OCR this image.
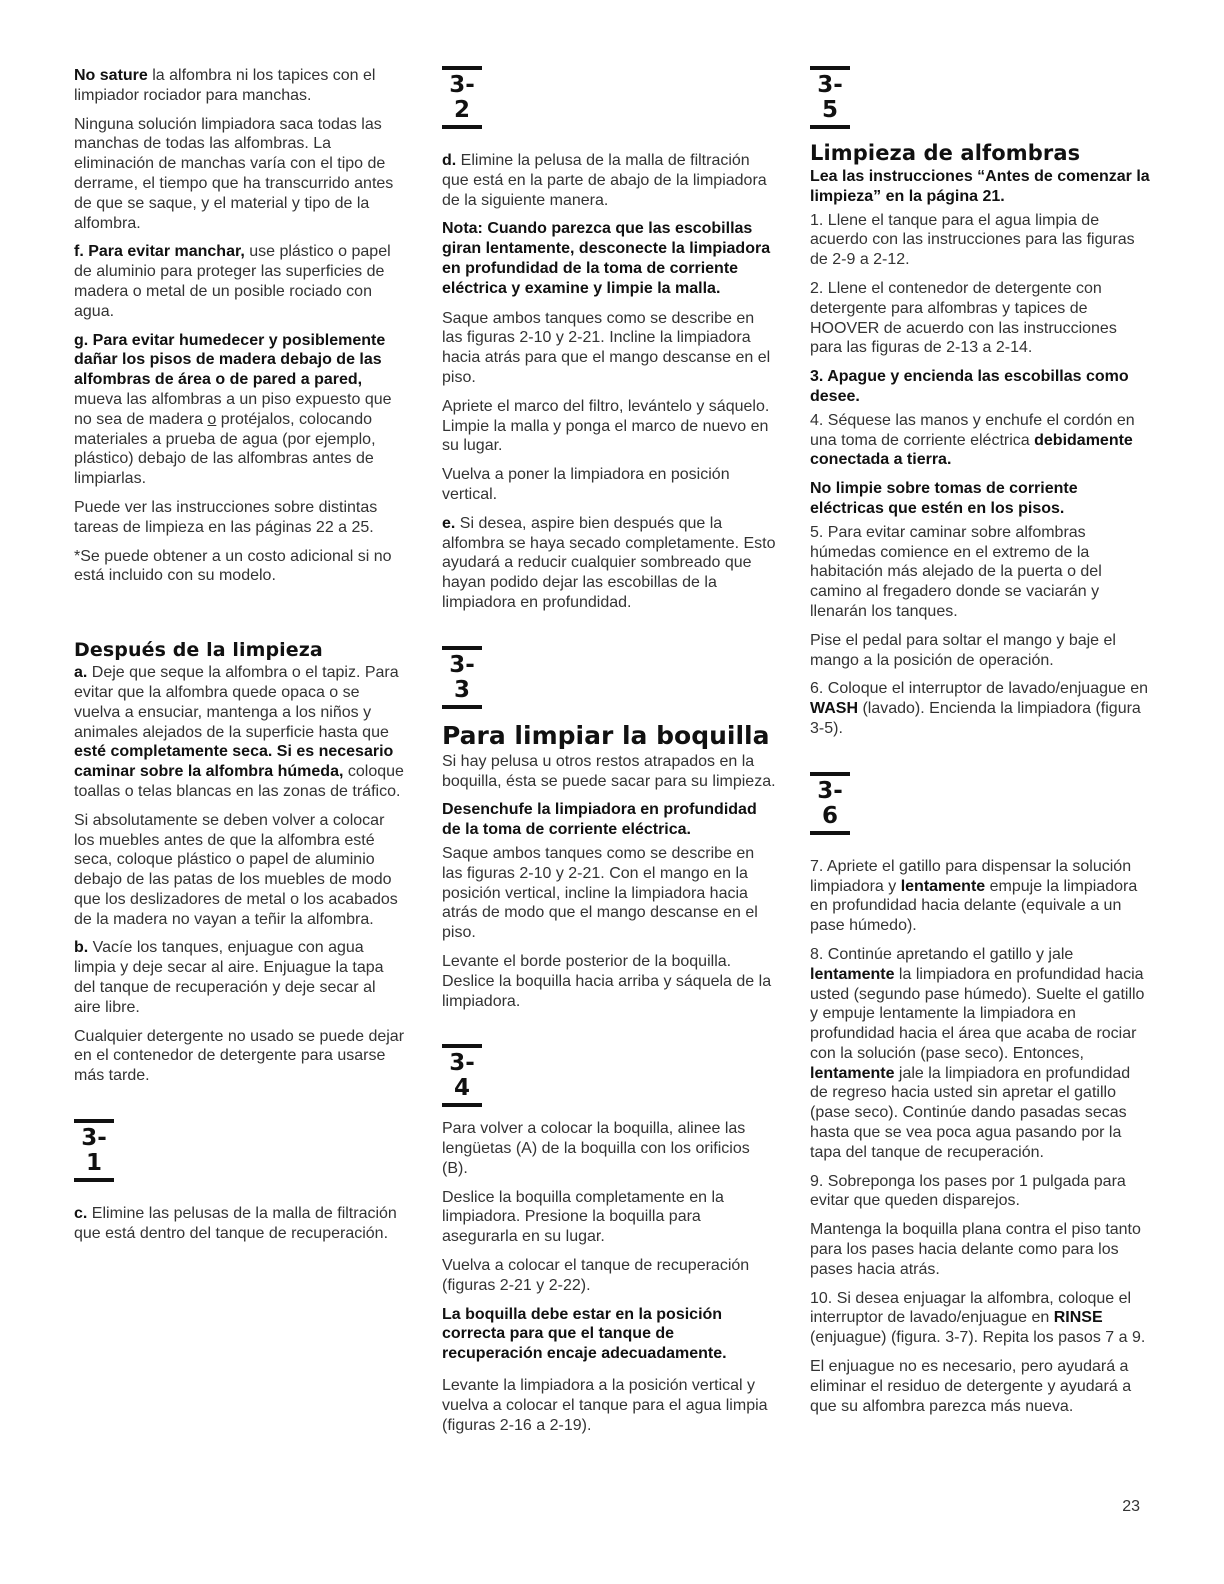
No sature la alfombra ni los tapices con el limpiador rociador para manchas.

Ninguna solución limpiadora saca todas las manchas de todas las alfombras. La eliminación de manchas varía con el tipo de derrame, el tiempo que ha transcurrido antes de que se saque, y el material y tipo de la alfombra.

f. Para evitar manchar, use plástico o papel de aluminio para proteger las superficies de madera o metal de un posible rociado con agua.

g. Para evitar humedecer y posiblemente dañar los pisos de madera debajo de las alfombras de área o de pared a pared, mueva las alfombras a un piso expuesto que no sea de madera o protéjalos, colocando materiales a prueba de agua (por ejemplo, plástico) debajo de las alfombras antes de limpiarlas.

Puede ver las instrucciones sobre distintas tareas de limpieza en las páginas 22 a 25.

*Se puede obtener a un costo adicional si no está incluido con su modelo.

Después de la limpieza

a. Deje que seque la alfombra o el tapiz. Para evitar que la alfombra quede opaca o se vuelva a ensuciar, mantenga a los niños y animales alejados de la superficie hasta que esté completamente seca. Si es necesario caminar sobre la alfombra húmeda, coloque toallas o telas blancas en las zonas de tráfico.

Si absolutamente se deben volver a colocar los muebles antes de que la alfombra esté seca, coloque plástico o papel de aluminio debajo de las patas de los muebles de modo que los deslizadores de metal o los acabados de la madera no vayan a teñir la alfombra.

b. Vacíe los tanques, enjuague con agua limpia y deje secar al aire. Enjuague la tapa del tanque de recuperación y deje secar al aire libre.

Cualquier detergente no usado se puede dejar en el contenedor de detergente para usarse más tarde.

3-1

c. Elimine las pelusas de la malla de filtración que está dentro del tanque de recuperación.

3-2

d. Elimine la pelusa de la malla de filtración que está en la parte de abajo de la limpiadora de la siguiente manera.

Nota: Cuando parezca que las escobillas giran lentamente, desconecte la limpiadora en profundidad de la toma de corriente eléctrica y examine y limpie la malla.

Saque ambos tanques como se describe en las figuras 2-10 y 2-21. Incline la limpiadora hacia atrás para que el mango descanse en el piso.

Apriete el marco del filtro, levántelo y sáquelo. Limpie la malla y ponga el marco de nuevo en su lugar.

Vuelva a poner la limpiadora en posición vertical.

e. Si desea, aspire bien después que la alfombra se haya secado completamente. Esto ayudará a reducir cualquier sombreado que hayan podido dejar las escobillas de la limpiadora en profundidad.

3-3
Para limpiar la boquilla

Si hay pelusa u otros restos atrapados en la boquilla, ésta se puede sacar para su limpieza.

Desenchufe la limpiadora en profundidad de la toma de corriente eléctrica.

Saque ambos tanques como se describe en las figuras 2-10 y 2-21. Con el mango en la posición vertical, incline la limpiadora hacia atrás de modo que el mango descanse en el piso.

Levante el borde posterior de la boquilla. Deslice la boquilla hacia arriba y sáquela de la limpiadora.

3-4

Para volver a colocar la boquilla, alinee las lengüetas (A) de la boquilla con los orificios (B).

Deslice la boquilla completamente en la limpiadora. Presione la boquilla para asegurarla en su lugar.

Vuelva a colocar el tanque de recuperación (figuras 2-21 y 2-22).

La boquilla debe estar en la posición correcta para que el tanque de recuperación encaje adecuadamente.

Levante la limpiadora a la posición vertical y vuelva a colocar el tanque para el agua limpia (figuras 2-16 a 2-19).

3-5
Limpieza de alfombras

Lea las instrucciones “Antes de comenzar la limpieza” en la página 21.

1. Llene el tanque para el agua limpia de acuerdo con las instrucciones para las figuras de 2-9 a 2-12.

2. Llene el contenedor de detergente con detergente para alfombras y tapices de HOOVER de acuerdo con las instrucciones para las figuras de 2-13 a 2-14.

3. Apague y encienda las escobillas como desee.

4. Séquese las manos y enchufe el cordón en una toma de corriente eléctrica debidamente conectada a tierra.

No limpie sobre tomas de corriente eléctricas que estén en los pisos.

5. Para evitar caminar sobre alfombras húmedas comience en el extremo de la habitación más alejado de la puerta o del camino al fregadero donde se vaciarán y llenarán los tanques.

Pise el pedal para soltar el mango y baje el mango a la posición de operación.

6. Coloque el interruptor de lavado/enjuague en WASH (lavado). Encienda la limpiadora (figura 3-5).

3-6

7. Apriete el gatillo para dispensar la solución limpiadora y lentamente empuje la limpiadora en profundidad hacia delante (equivale a un pase húmedo).

8. Continúe apretando el gatillo y jale lentamente la limpiadora en profundidad hacia usted (segundo pase húmedo). Suelte el gatillo y empuje lentamente la limpiadora en profundidad hacia el área que acaba de rociar con la solución (pase seco). Entonces, lentamente jale la limpiadora en profundidad de regreso hacia usted sin apretar el gatillo (pase seco). Continúe dando pasadas secas hasta que se vea poca agua pasando por la tapa del tanque de recuperación.

9. Sobreponga los pases por 1 pulgada para evitar que queden disparejos.

Mantenga la boquilla plana contra el piso tanto para los pases hacia delante como para los pases hacia atrás.

10. Si desea enjuagar la alfombra, coloque el interruptor de lavado/enjuague en RINSE (enjuague) (figura. 3-7). Repita los pasos 7 a 9.

El enjuague no es necesario, pero ayudará a eliminar el residuo de detergente y ayudará a que su alfombra parezca más nueva.

23
